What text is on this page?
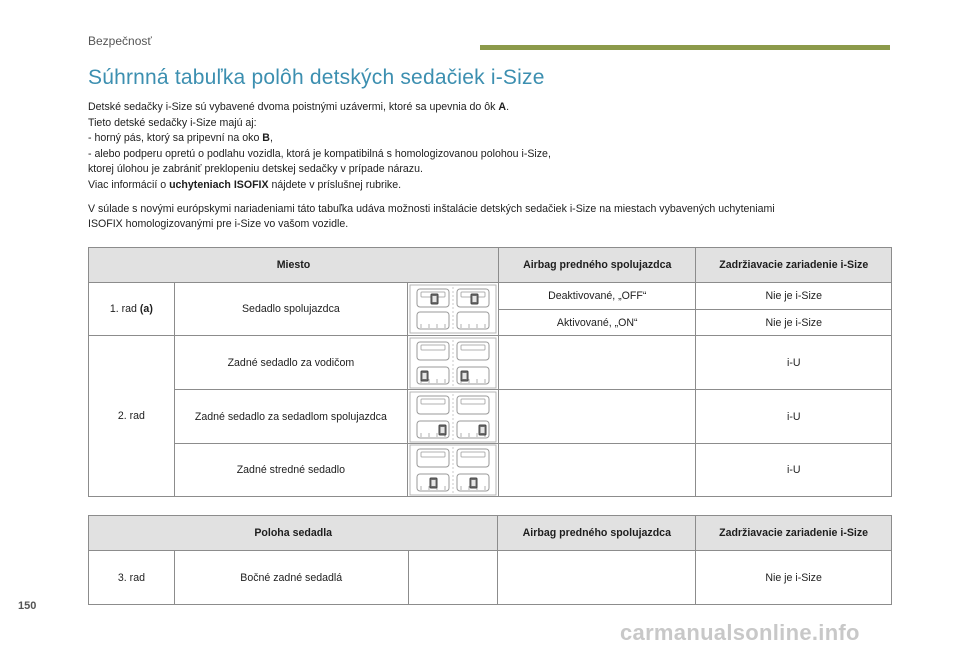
Bezpečnosť
Súhrnná tabuľka polôh detských sedačiek i-Size
Detské sedačky i-Size sú vybavené dvoma poistnými uzávermi, ktoré sa upevnia do ôk A.
Tieto detské sedačky i-Size majú aj:
- horný pás, ktorý sa pripevní na oko B,
- alebo podperu opretú o podlahu vozidla, ktorá je kompatibilná s homologizovanou polohou i-Size,
ktorej úlohou je zabrániť preklopeniu detskej sedačky v prípade nárazu.
Viac informácií o uchyteniach ISOFIX nájdete v príslušnej rubrike.
V súlade s novými európskymi nariadeniami táto tabuľka udáva možnosti inštalácie detských sedačiek i-Size na miestach vybavených uchyteniami
ISOFIX homologizovanými pre i-Size vo vašom vozidle.
Miesto			Airbag predného spolujazdca	Zadržiavacie zariadenie i-Size
1. rad (a)	Sedadlo spolujazdca		Deaktivované, „OFF“	Nie je i-Size
			Aktivované, „ON“	Nie je i-Size
2. rad	Zadné sedadlo za vodičom			i-U
	Zadné sedadlo za sedadlom spolujazdca			i-U
	Zadné stredné sedadlo			i-U
Poloha sedadla			Airbag predného spolujazdca	Zadržiavacie zariadenie i-Size
3. rad	Bočné zadné sedadlá			Nie je i-Size
150
carmanualsonline.info
